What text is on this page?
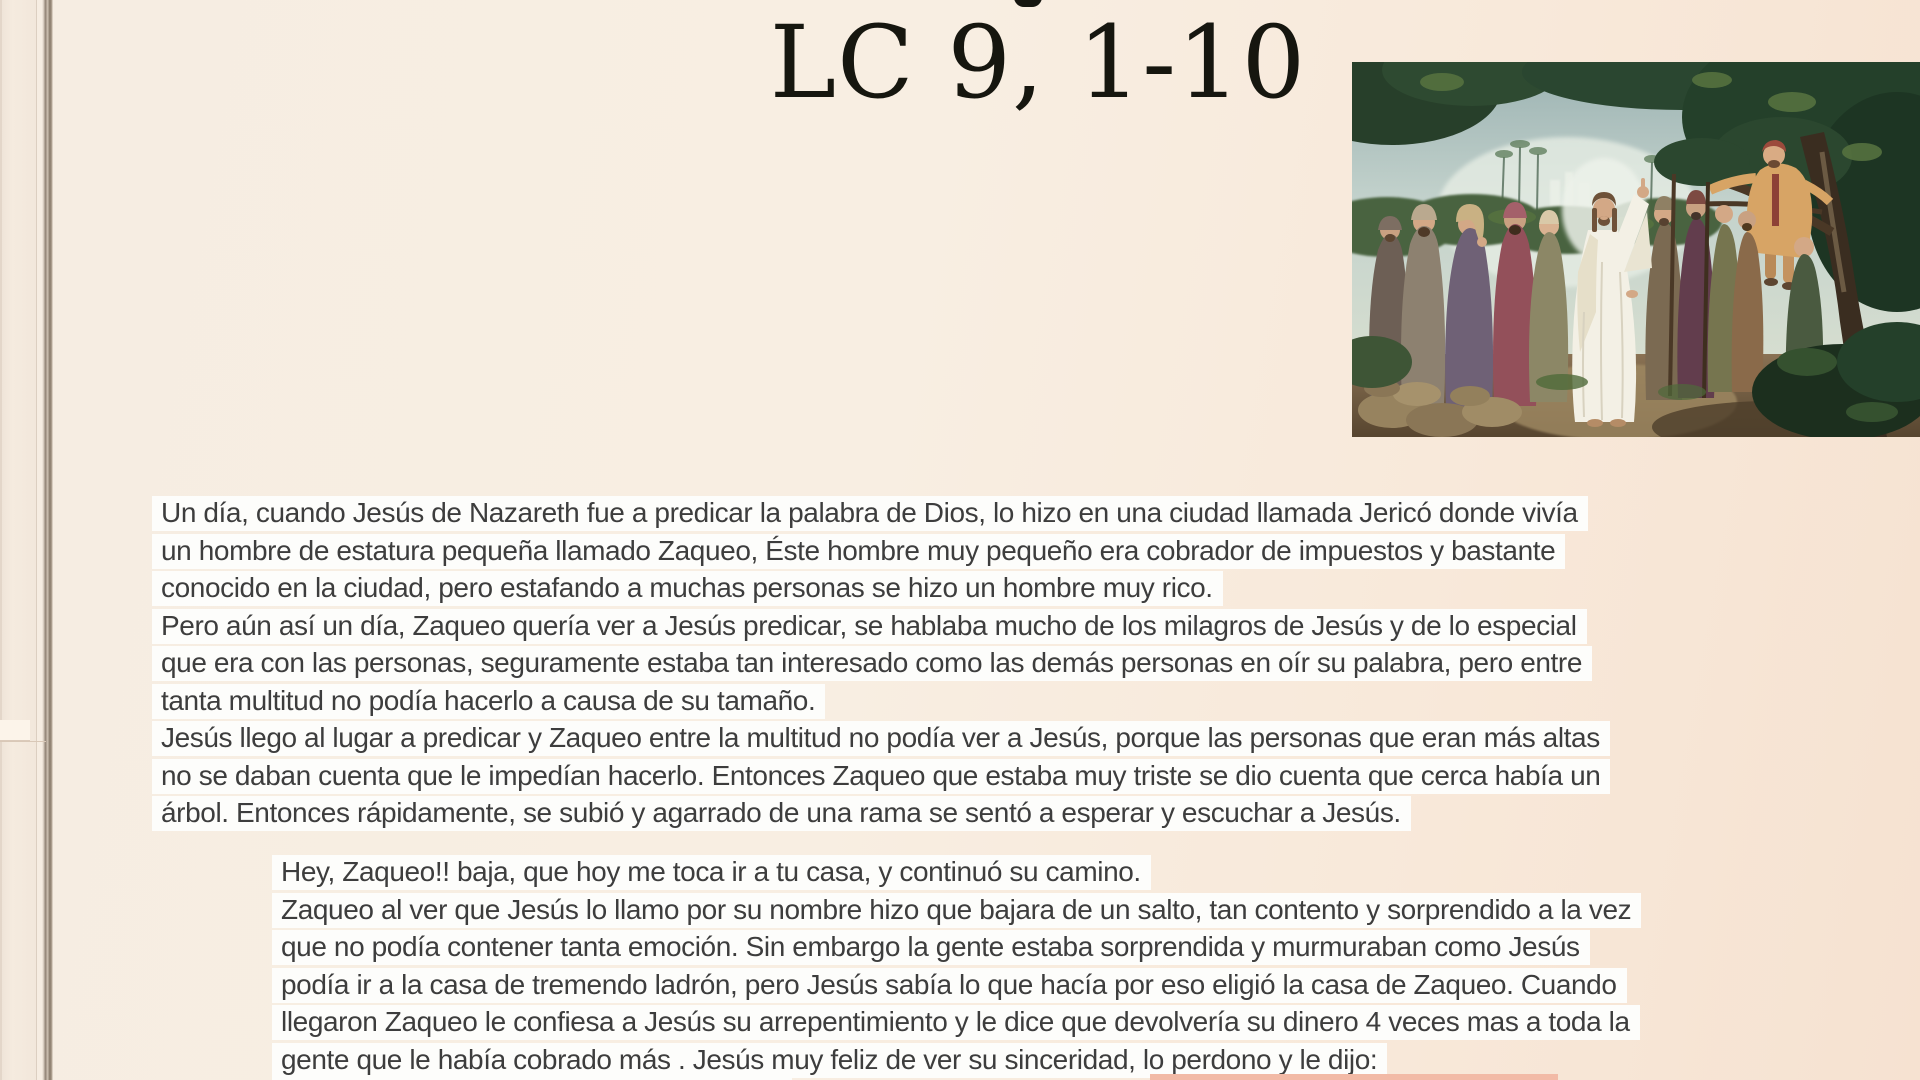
LC 9, 1-10
Un día, cuando Jesús de Nazareth fue a predicar la palabra de Dios, lo hizo en una ciudad llamada Jericó donde vivía
un hombre de estatura pequeña llamado Zaqueo, Éste hombre muy pequeño era cobrador de impuestos y bastante
conocido en la ciudad, pero estafando a muchas personas se hizo un hombre muy rico.
Pero aún así un día, Zaqueo quería ver a Jesús predicar, se hablaba mucho de los milagros de Jesús y de lo especial
que era con las personas, seguramente estaba tan interesado como las demás personas en oír su palabra, pero entre
tanta multitud no podía hacerlo a causa de su tamaño.
Jesús llego al lugar a predicar y Zaqueo entre la multitud no podía ver a Jesús, porque las personas que eran más altas
no se daban cuenta que le impedían hacerlo. Entonces Zaqueo que estaba muy triste se dio cuenta que cerca había un
árbol. Entonces rápidamente, se subió y agarrado de una rama se sentó a esperar y escuchar a Jesús.
Hey, Zaqueo!! baja, que hoy me toca ir a tu casa, y continuó su camino.
Zaqueo al ver que Jesús lo llamo por su nombre hizo que bajara de un salto, tan contento y sorprendido a la vez
que no podía contener tanta emoción. Sin embargo la gente estaba sorprendida y murmuraban como Jesús
podía ir a la casa de tremendo ladrón, pero Jesús sabía lo que hacía por eso eligió la casa de Zaqueo. Cuando
llegaron Zaqueo le confiesa a Jesús su arrepentimiento y le dice que devolvería su dinero 4 veces mas a toda la
gente que le había cobrado más . Jesús muy feliz de ver su sinceridad, lo perdono y le dijo:
